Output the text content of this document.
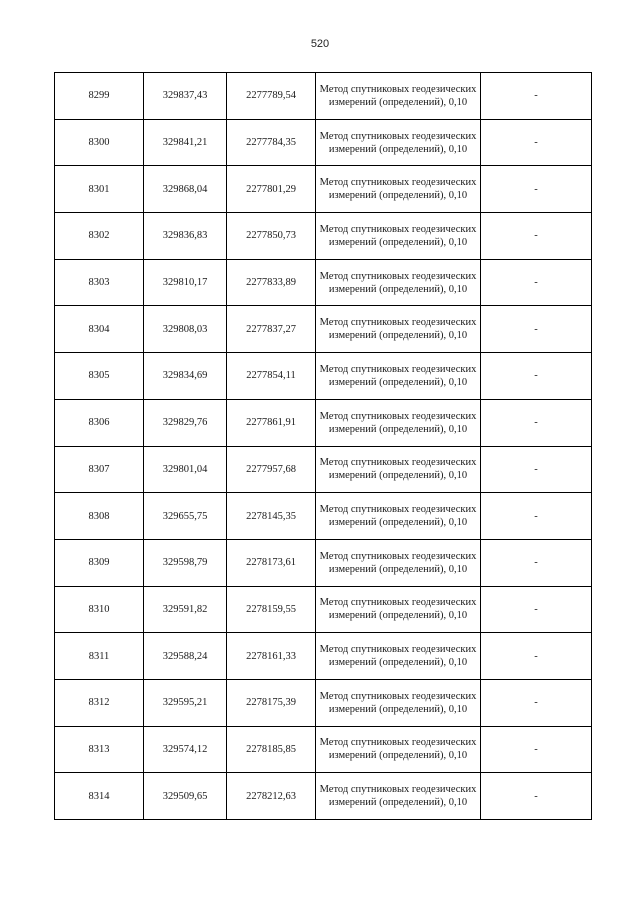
520
8299	329837,43	2277789,54	Метод спутниковых геодезических измерений (определений), 0,10	-
8300	329841,21	2277784,35	Метод спутниковых геодезических измерений (определений), 0,10	-
8301	329868,04	2277801,29	Метод спутниковых геодезических измерений (определений), 0,10	-
8302	329836,83	2277850,73	Метод спутниковых геодезических измерений (определений), 0,10	-
8303	329810,17	2277833,89	Метод спутниковых геодезических измерений (определений), 0,10	-
8304	329808,03	2277837,27	Метод спутниковых геодезических измерений (определений), 0,10	-
8305	329834,69	2277854,11	Метод спутниковых геодезических измерений (определений), 0,10	-
8306	329829,76	2277861,91	Метод спутниковых геодезических измерений (определений), 0,10	-
8307	329801,04	2277957,68	Метод спутниковых геодезических измерений (определений), 0,10	-
8308	329655,75	2278145,35	Метод спутниковых геодезических измерений (определений), 0,10	-
8309	329598,79	2278173,61	Метод спутниковых геодезических измерений (определений), 0,10	-
8310	329591,82	2278159,55	Метод спутниковых геодезических измерений (определений), 0,10	-
8311	329588,24	2278161,33	Метод спутниковых геодезических измерений (определений), 0,10	-
8312	329595,21	2278175,39	Метод спутниковых геодезических измерений (определений), 0,10	-
8313	329574,12	2278185,85	Метод спутниковых геодезических измерений (определений), 0,10	-
8314	329509,65	2278212,63	Метод спутниковых геодезических измерений (определений), 0,10	-
